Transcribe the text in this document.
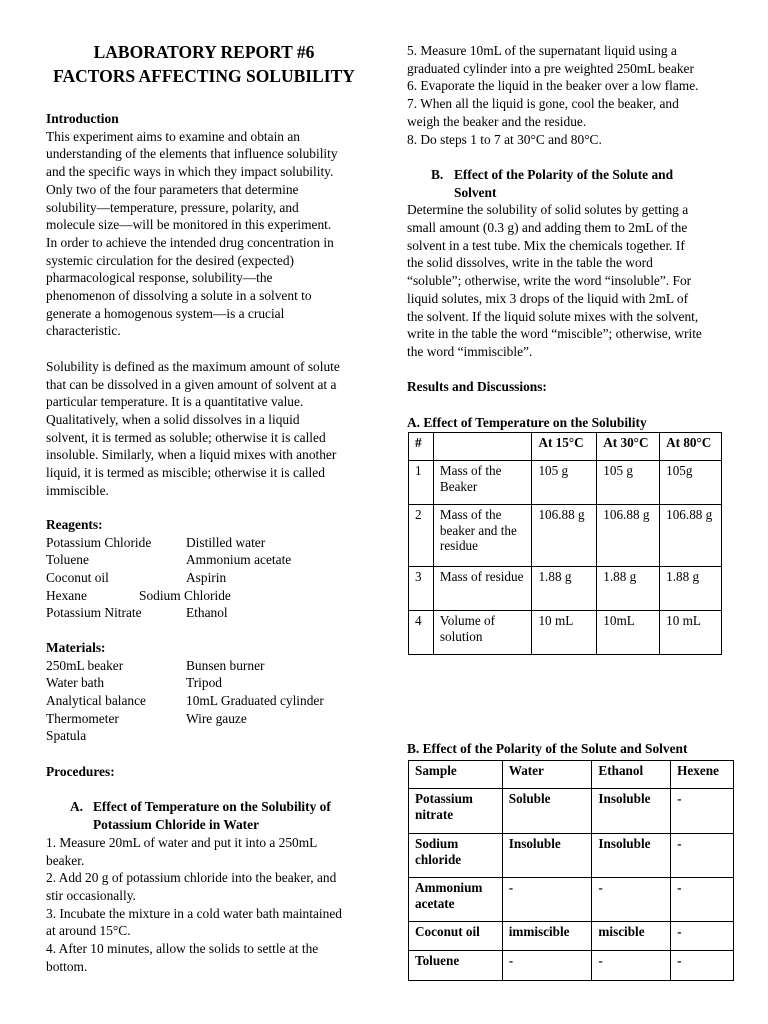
LABORATORY REPORT #6
FACTORS AFFECTING SOLUBILITY
Introduction
This experiment aims to examine and obtain an
understanding of the elements that influence solubility
and the specific ways in which they impact solubility.
Only two of the four parameters that determine
solubility—temperature, pressure, polarity, and
molecule size—will be monitored in this experiment.
In order to achieve the intended drug concentration in
systemic circulation for the desired (expected)
pharmacological response, solubility—the
phenomenon of dissolving a solute in a solvent to
generate a homogenous system—is a crucial
characteristic.

Solubility is defined as the maximum amount of solute
that can be dissolved in a given amount of solvent at a
particular temperature. It is a quantitative value.
Qualitatively, when a solid dissolves in a liquid
solvent, it is termed as soluble; otherwise it is called
insoluble. Similarly, when a liquid mixes with another
liquid, it is termed as miscible; otherwise it is called
immiscible.
Reagents:
Potassium Chloride	Distilled water
Toluene	Ammonium acetate
Coconut oil	Aspirin
Hexane	Sodium Chloride
Potassium Nitrate	Ethanol
Materials:
250mL beaker	Bunsen burner
Water bath	Tripod
Analytical balance	10mL Graduated cylinder
Thermometer	Wire gauze
Spatula
Procedures:

A. Effect of Temperature on the Solubility of
Potassium Chloride in Water
1. Measure 20mL of water and put it into a 250mL
beaker.
2. Add 20 g of potassium chloride into the beaker, and
stir occasionally.
3. Incubate the mixture in a cold water bath maintained
at around 15°C.
4. After 10 minutes, allow the solids to settle at the
bottom.
5. Measure 10mL of the supernatant liquid using a
graduated cylinder into a pre weighted 250mL beaker
6. Evaporate the liquid in the beaker over a low flame.
7. When all the liquid is gone, cool the beaker, and
weigh the beaker and the residue.
8. Do steps 1 to 7 at 30°C and 80°C.

B. Effect of the Polarity of the Solute and
Solvent
Determine the solubility of solid solutes by getting a
small amount (0.3 g) and adding them to 2mL of the
solvent in a test tube. Mix the chemicals together. If
the solid dissolves, write in the table the word
“soluble”; otherwise, write the word “insoluble”. For
liquid solutes, mix 3 drops of the liquid with 2mL of
the solvent. If the liquid solute mixes with the solvent,
write in the table the word “miscible”; otherwise, write
the word “immiscible”.

Results and Discussions:

A. Effect of Temperature on the Solubility
#		At 15°C	At 30°C	At 80°C
1	Mass of the Beaker	105 g	105 g	105g
2	Mass of the beaker and the residue	106.88 g	106.88 g	106.88 g
3	Mass of residue	1.88 g	1.88 g	1.88 g
4	Volume of solution	10 mL	10mL	10 mL
B. Effect of the Polarity of the Solute and Solvent
Sample	Water	Ethanol	Hexene
Potassium nitrate	Soluble	Insoluble	-
Sodium chloride	Insoluble	Insoluble	-
Ammonium acetate	-	-	-
Coconut oil	immiscible	miscible	-
Toluene	-	-	-
